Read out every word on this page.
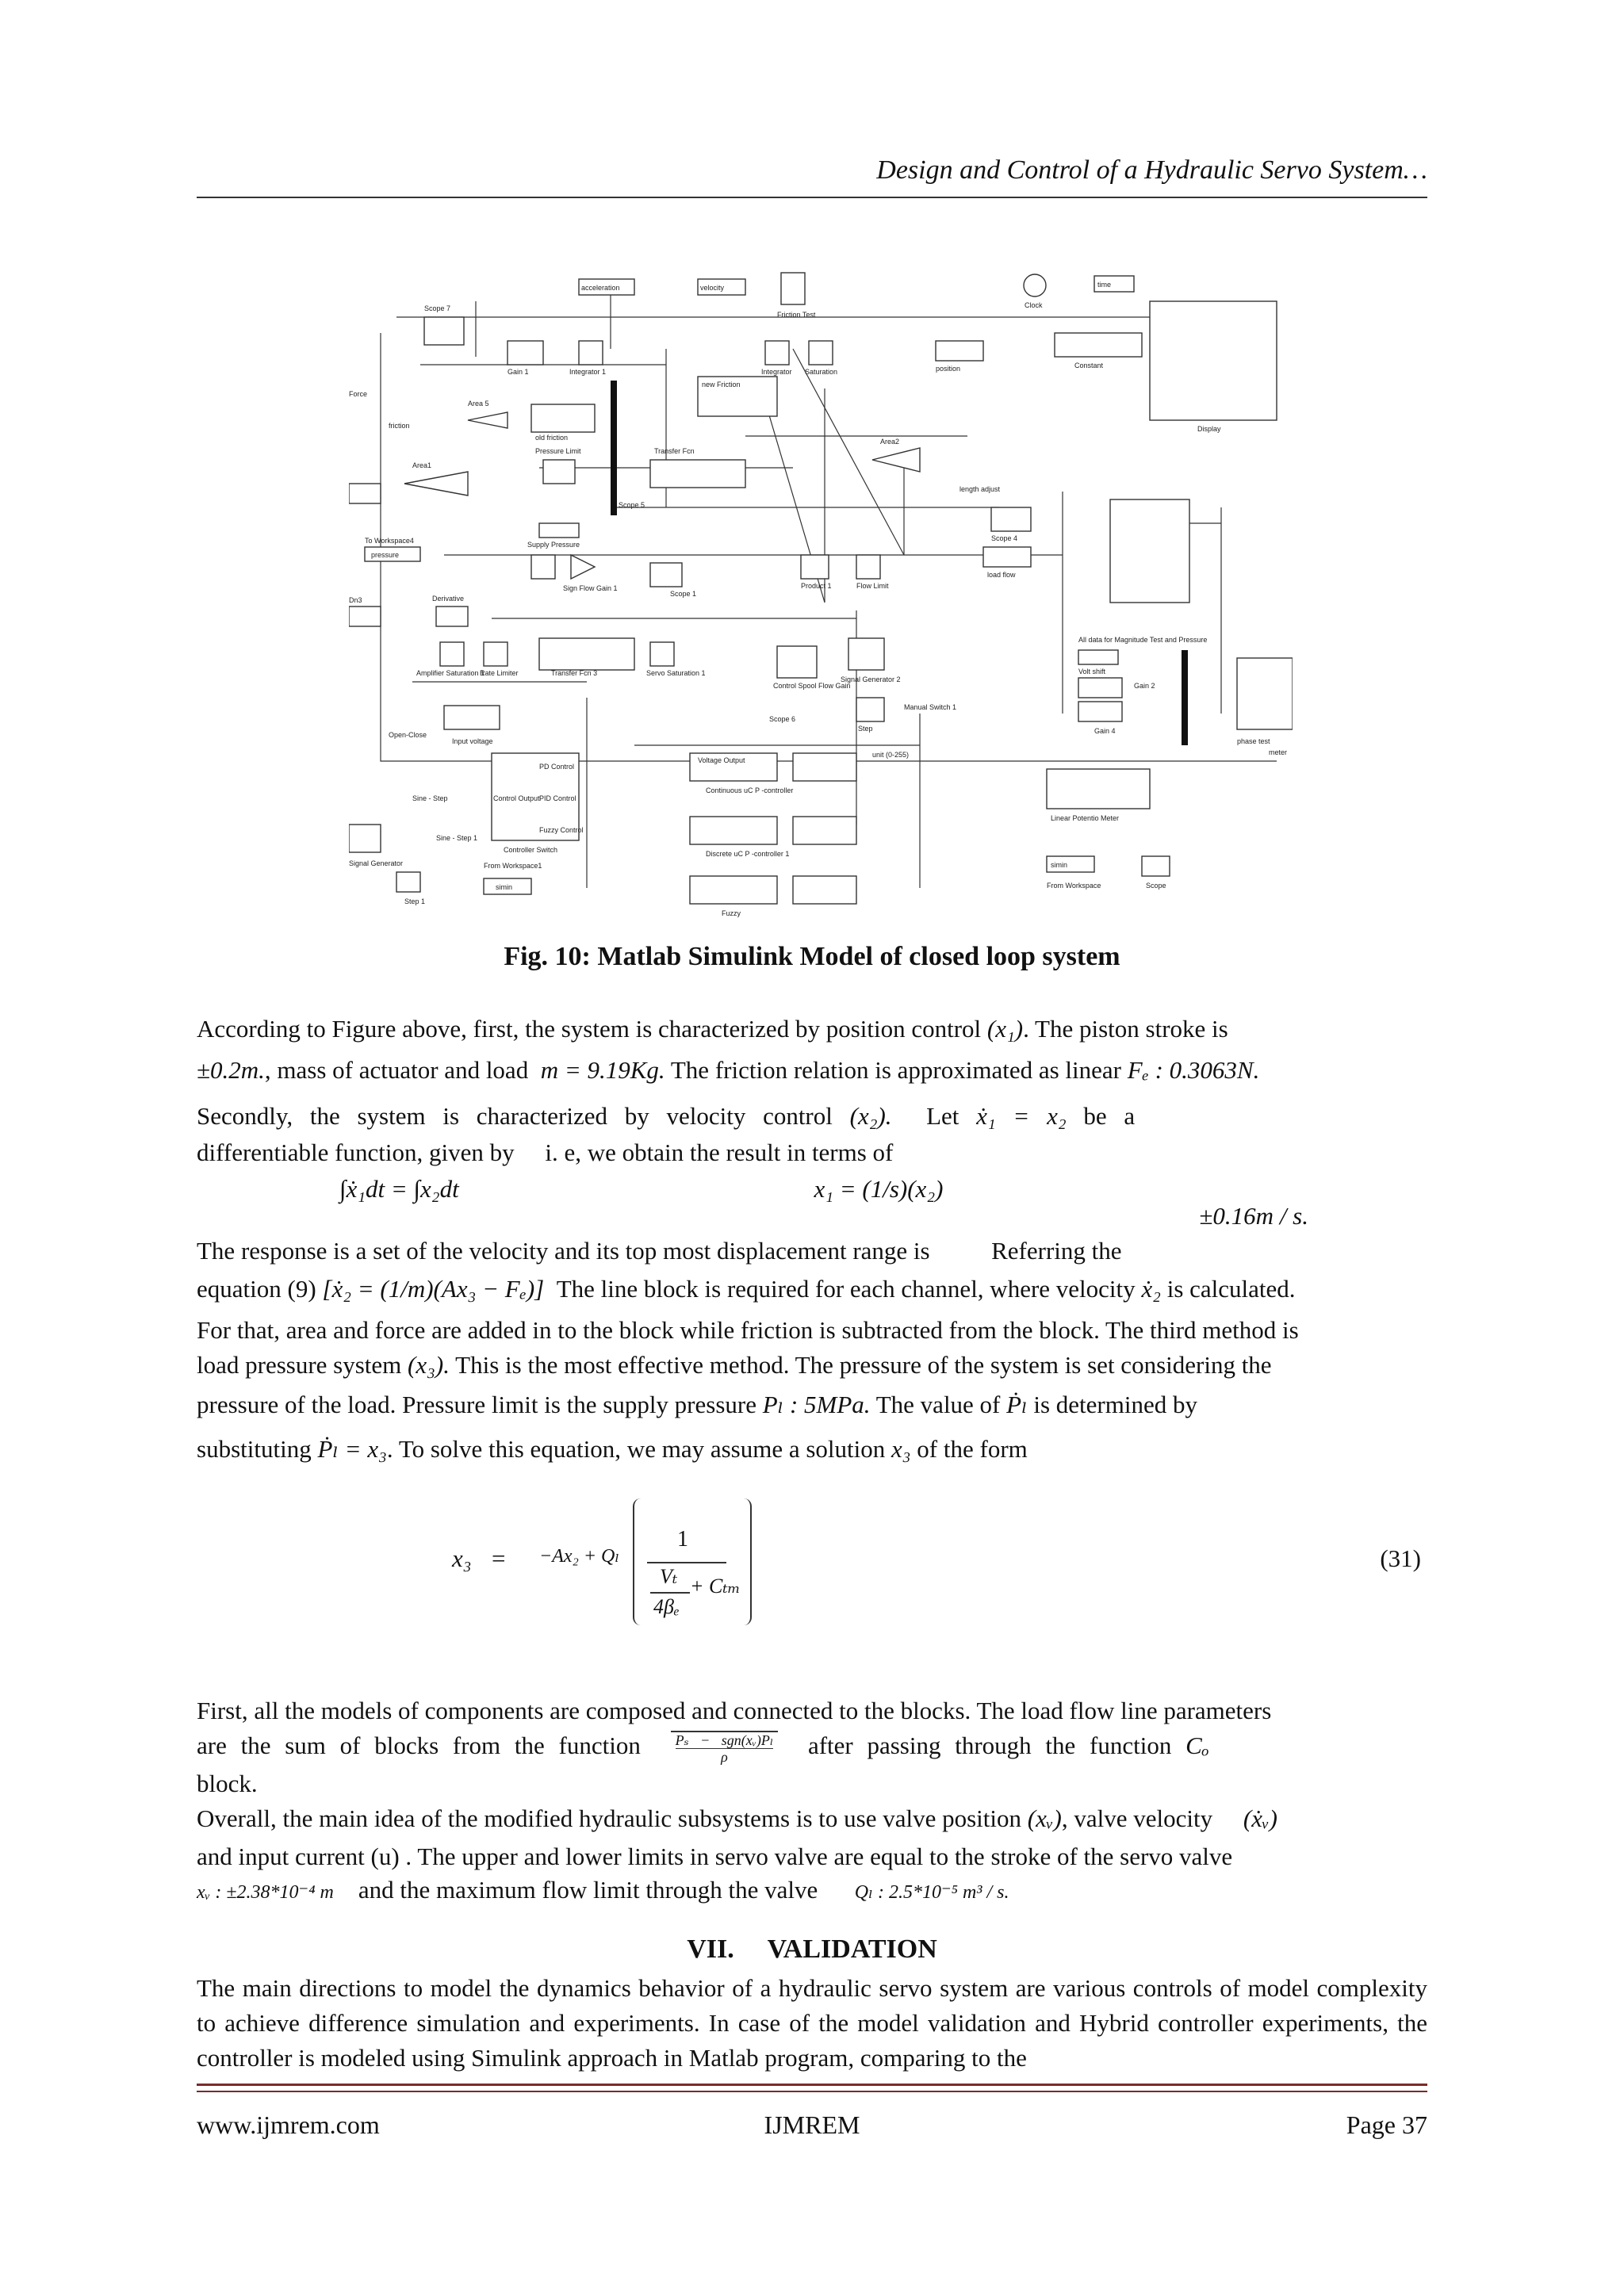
Design and Control of a Hydraulic Servo System…
acceleration	velocity
Friction Test
Clock
time
Display
Scope 7
Gain 1	Integrator 1	Integrator Saturation	position	Constant
new Friction
Force
friction
Area 5
old friction
Pressure Limit	Transfer Fcn
Area1
Area2
Scope 5
length adjust
Scope 4
load flow
To Workspace4
pressure
Supply Pressure
Sign Flow Gain 1
Scope 1
Product 1	Flow Limit
Dn3	Derivative
Amplifier Saturation 1
Rate Limiter	Transfer Fcn 3	Servo Saturation 1
Control Spool Flow Gain
Signal Generator 2
Step
Manual Switch 1
All data for Magnitude Test and Pressure
Volt shift
Gain 2
Gain 4
phase test
meter
Scope 6
Open-Close
Input voltage
PD Control
Control Output PID Control
Fuzzy Control
Controller Switch
Sine - Step
Sine - Step 1
Signal Generator
Step 1
From Workspace1
simin
Voltage Output
Continuous uC P -controller
Discrete uC P -controller 1
Fuzzy
unit (0-255)
Linear Potentio Meter
simin
From Workspace	Scope
Fig. 10: Matlab Simulink Model of closed loop system
According to Figure above, first, the system is characterized by position control (x₁). The piston stroke is
±0.2m., mass of actuator and load m = 9.19Kg. The friction relation is approximated as linear Fₑ : 0.3063N.
Secondly, the system is characterized by velocity control (x₂). Let ẋ₁ = x₂ be a
differentiable function, given by i. e, we obtain the result in terms of
∫ẋ₁dt = ∫x₂dt	x₁ = (1/s)(x₂)
±0.16m / s.
The response is a set of the velocity and its top most displacement range is	Referring the
equation (9) [ẋ₂ = (1/m)(Ax₃ − Fₑ)] The line block is required for each channel, where velocity ẋ₂ is calculated.
For that, area and force are added in to the block while friction is subtracted from the block. The third method is
load pressure system (x₃). This is the most effective method. The pressure of the system is set considering the
pressure of the load. Pressure limit is the supply pressure Pₗ : 5MPa. The value of Ṗₗ is determined by
substituting Ṗₗ = x₃. To solve this equation, we may assume a solution x₃ of the form
x₃ = −Ax₂ + Qₗ
1
Vₜ + Cₜₘ
4βₑ
(31)
First, all the models of components are composed and connected to the blocks. The load flow line parameters
are the sum of blocks from the function Pₛ − sgn(xᵥ)Pₗ
ρ	after passing through the function Cₒ
block.
Overall, the main idea of the modified hydraulic subsystems is to use valve position (xᵥ), valve velocity (ẋᵥ)
and input current (u) . The upper and lower limits in servo valve are equal to the stroke of the servo valve
xᵥ : ±2.38*10⁻⁴ m and the maximum flow limit through the valve Qₗ : 2.5*10⁻⁵ m³ / s.
VII.     VALIDATION
The main directions to model the dynamics behavior of a hydraulic servo system are various controls of model complexity to achieve difference simulation and experiments. In case of the model validation and Hybrid controller experiments, the controller is modeled using Simulink approach in Matlab program, comparing to the
www.ijmrem.com	IJMREM	Page 37
